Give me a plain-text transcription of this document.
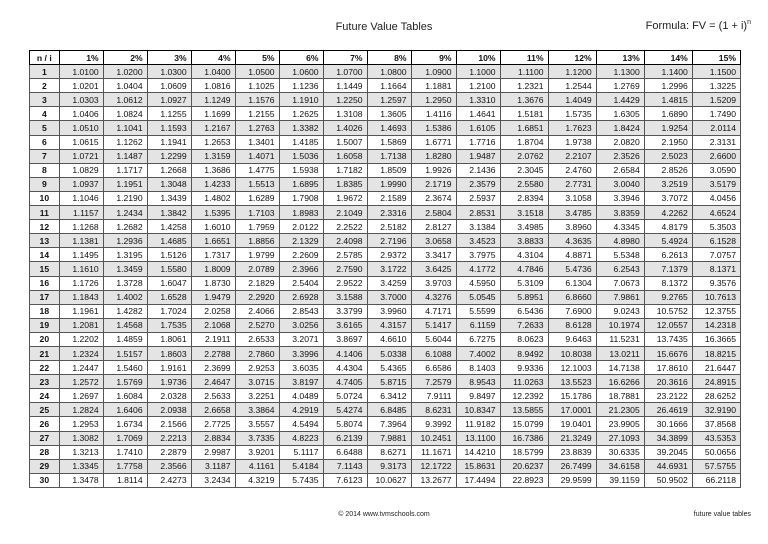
Future Value Tables	Formula: FV = $(1 + i)^n$
n / i	1%	2%	3%	4%	5%	6%	7%	8%	9%	10%	11%	12%	13%	14%	15%
1	1.0100	1.0200	1.0300	1.0400	1.0500	1.0600	1.0700	1.0800	1.0900	1.1000	1.1100	1.1200	1.1300	1.1400	1.1500
2	1.0201	1.0404	1.0609	1.0816	1.1025	1.1236	1.1449	1.1664	1.1881	1.2100	1.2321	1.2544	1.2769	1.2996	1.3225
3	1.0303	1.0612	1.0927	1.1249	1.1576	1.1910	1.2250	1.2597	1.2950	1.3310	1.3676	1.4049	1.4429	1.4815	1.5209
4	1.0406	1.0824	1.1255	1.1699	1.2155	1.2625	1.3108	1.3605	1.4116	1.4641	1.5181	1.5735	1.6305	1.6890	1.7490
5	1.0510	1.1041	1.1593	1.2167	1.2763	1.3382	1.4026	1.4693	1.5386	1.6105	1.6851	1.7623	1.8424	1.9254	2.0114
6	1.0615	1.1262	1.1941	1.2653	1.3401	1.4185	1.5007	1.5869	1.6771	1.7716	1.8704	1.9738	2.0820	2.1950	2.3131
7	1.0721	1.1487	1.2299	1.3159	1.4071	1.5036	1.6058	1.7138	1.8280	1.9487	2.0762	2.2107	2.3526	2.5023	2.6600
8	1.0829	1.1717	1.2668	1.3686	1.4775	1.5938	1.7182	1.8509	1.9926	2.1436	2.3045	2.4760	2.6584	2.8526	3.0590
9	1.0937	1.1951	1.3048	1.4233	1.5513	1.6895	1.8385	1.9990	2.1719	2.3579	2.5580	2.7731	3.0040	3.2519	3.5179
10	1.1046	1.2190	1.3439	1.4802	1.6289	1.7908	1.9672	2.1589	2.3674	2.5937	2.8394	3.1058	3.3946	3.7072	4.0456
11	1.1157	1.2434	1.3842	1.5395	1.7103	1.8983	2.1049	2.3316	2.5804	2.8531	3.1518	3.4785	3.8359	4.2262	4.6524
12	1.1268	1.2682	1.4258	1.6010	1.7959	2.0122	2.2522	2.5182	2.8127	3.1384	3.4985	3.8960	4.3345	4.8179	5.3503
13	1.1381	1.2936	1.4685	1.6651	1.8856	2.1329	2.4098	2.7196	3.0658	3.4523	3.8833	4.3635	4.8980	5.4924	6.1528
14	1.1495	1.3195	1.5126	1.7317	1.9799	2.2609	2.5785	2.9372	3.3417	3.7975	4.3104	4.8871	5.5348	6.2613	7.0757
15	1.1610	1.3459	1.5580	1.8009	2.0789	2.3966	2.7590	3.1722	3.6425	4.1772	4.7846	5.4736	6.2543	7.1379	8.1371
16	1.1726	1.3728	1.6047	1.8730	2.1829	2.5404	2.9522	3.4259	3.9703	4.5950	5.3109	6.1304	7.0673	8.1372	9.3576
17	1.1843	1.4002	1.6528	1.9479	2.2920	2.6928	3.1588	3.7000	4.3276	5.0545	5.8951	6.8660	7.9861	9.2765	10.7613
18	1.1961	1.4282	1.7024	2.0258	2.4066	2.8543	3.3799	3.9960	4.7171	5.5599	6.5436	7.6900	9.0243	10.5752	12.3755
19	1.2081	1.4568	1.7535	2.1068	2.5270	3.0256	3.6165	4.3157	5.1417	6.1159	7.2633	8.6128	10.1974	12.0557	14.2318
20	1.2202	1.4859	1.8061	2.1911	2.6533	3.2071	3.8697	4.6610	5.6044	6.7275	8.0623	9.6463	11.5231	13.7435	16.3665
21	1.2324	1.5157	1.8603	2.2788	2.7860	3.3996	4.1406	5.0338	6.1088	7.4002	8.9492	10.8038	13.0211	15.6676	18.8215
22	1.2447	1.5460	1.9161	2.3699	2.9253	3.6035	4.4304	5.4365	6.6586	8.1403	9.9336	12.1003	14.7138	17.8610	21.6447
23	1.2572	1.5769	1.9736	2.4647	3.0715	3.8197	4.7405	5.8715	7.2579	8.9543	11.0263	13.5523	16.6266	20.3616	24.8915
24	1.2697	1.6084	2.0328	2.5633	3.2251	4.0489	5.0724	6.3412	7.9111	9.8497	12.2392	15.1786	18.7881	23.2122	28.6252
25	1.2824	1.6406	2.0938	2.6658	3.3864	4.2919	5.4274	6.8485	8.6231	10.8347	13.5855	17.0001	21.2305	26.4619	32.9190
26	1.2953	1.6734	2.1566	2.7725	3.5557	4.5494	5.8074	7.3964	9.3992	11.9182	15.0799	19.0401	23.9905	30.1666	37.8568
27	1.3082	1.7069	2.2213	2.8834	3.7335	4.8223	6.2139	7.9881	10.2451	13.1100	16.7386	21.3249	27.1093	34.3899	43.5353
28	1.3213	1.7410	2.2879	2.9987	3.9201	5.1117	6.6488	8.6271	11.1671	14.4210	18.5799	23.8839	30.6335	39.2045	50.0656
29	1.3345	1.7758	2.3566	3.1187	4.1161	5.4184	7.1143	9.3173	12.1722	15.8631	20.6237	26.7499	34.6158	44.6931	57.5755
30	1.3478	1.8114	2.4273	3.2434	4.3219	5.7435	7.6123	10.0627	13.2677	17.4494	22.8923	29.9599	39.1159	50.9502	66.2118
© 2014 www.tvmschools.com	future value tables
